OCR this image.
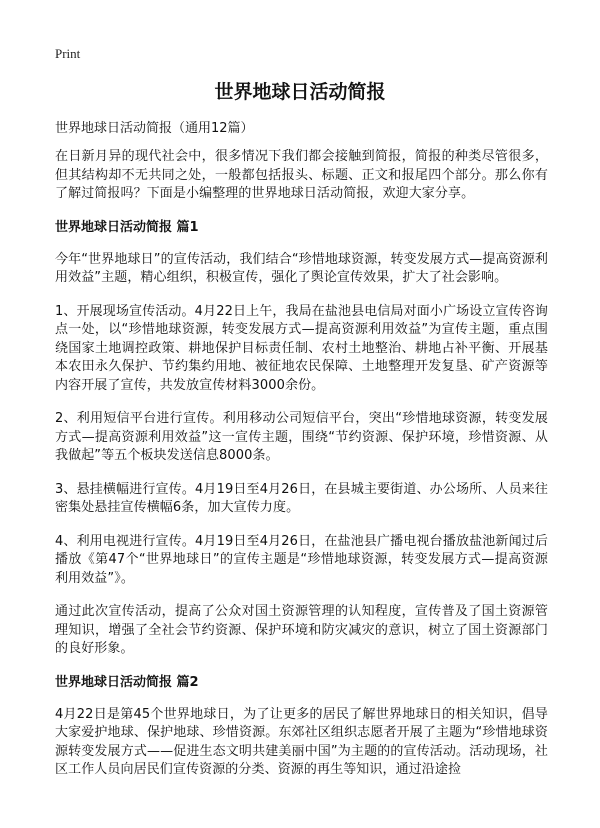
Print
世界地球日活动简报
世界地球日活动简报（通用12篇）

在日新月异的现代社会中，很多情况下我们都会接触到简报，简报的种类尽管很多，但其结构却不无共同之处，一般都包括报头、标题、正文和报尾四个部分。那么你有了解过简报吗？下面是小编整理的世界地球日活动简报，欢迎大家分享。

世界地球日活动简报 篇1

今年“世界地球日”的宣传活动，我们结合“珍惜地球资源，转变发展方式—提高资源利用效益”主题，精心组织，积极宣传，强化了舆论宣传效果，扩大了社会影响。

1、开展现场宣传活动。4月22日上午，我局在盐池县电信局对面小广场设立宣传咨询点一处，以“珍惜地球资源，转变发展方式—提高资源利用效益”为宣传主题，重点围绕国家土地调控政策、耕地保护目标责任制、农村土地整治、耕地占补平衡、开展基本农田永久保护、节约集约用地、被征地农民保障、土地整理开发复垦、矿产资源等内容开展了宣传，共发放宣传材料3000余份。

2、利用短信平台进行宣传。利用移动公司短信平台，突出“珍惜地球资源，转变发展方式—提高资源利用效益”这一宣传主题，围绕“节约资源、保护环境，珍惜资源、从我做起”等五个板块发送信息8000条。

3、悬挂横幅进行宣传。4月19日至4月26日，在县城主要街道、办公场所、人员来往密集处悬挂宣传横幅6条，加大宣传力度。

4、利用电视进行宣传。4月19日至4月26日，在盐池县广播电视台播放盐池新闻过后播放《第47个“世界地球日”的宣传主题是“珍惜地球资源，转变发展方式—提高资源利用效益”》。

通过此次宣传活动，提高了公众对国土资源管理的认知程度，宣传普及了国土资源管理知识，增强了全社会节约资源、保护环境和防灾减灾的意识，树立了国土资源部门的良好形象。

世界地球日活动简报 篇2

4月22日是第45个世界地球日，为了让更多的居民了解世界地球日的相关知识，倡导大家爱护地球、保护地球、珍惜资源。东郊社区组织志愿者开展了主题为“珍惜地球资源转变发展方式——促进生态文明共建美丽中国”为主题的的宣传活动。活动现场，社区工作人员向居民们宣传资源的分类、资源的再生等知识，通过沿途捡
